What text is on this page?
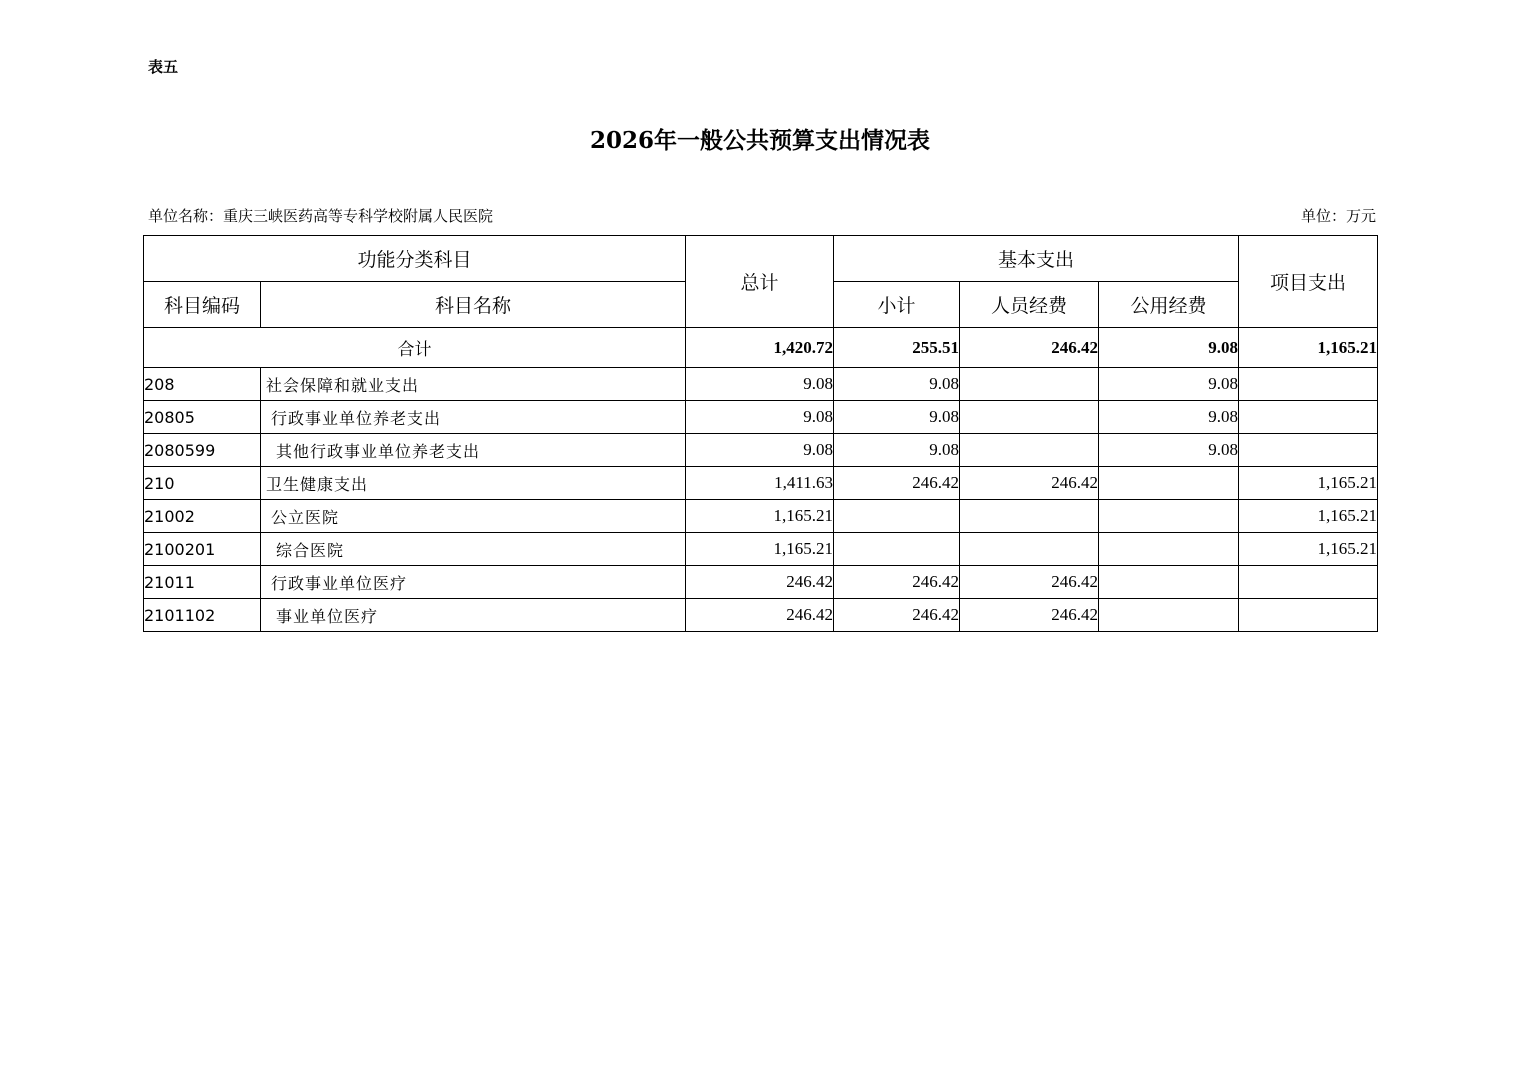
表五
2026年一般公共预算支出情况表
单位名称：重庆三峡医药高等专科学校附属人民医院	单位：万元
功能分类科目		总计	基本支出			项目支出
科目编码	科目名称		小计	人员经费	公用经费	
合计		1,420.72	255.51	246.42	9.08	1,165.21
208	社会保障和就业支出	9.08	9.08		9.08	
20805	行政事业单位养老支出	9.08	9.08		9.08	
2080599	其他行政事业单位养老支出	9.08	9.08		9.08	
210	卫生健康支出	1,411.63	246.42	246.42		1,165.21
21002	公立医院	1,165.21				1,165.21
2100201	综合医院	1,165.21				1,165.21
21011	行政事业单位医疗	246.42	246.42	246.42		
2101102	事业单位医疗	246.42	246.42	246.42		
